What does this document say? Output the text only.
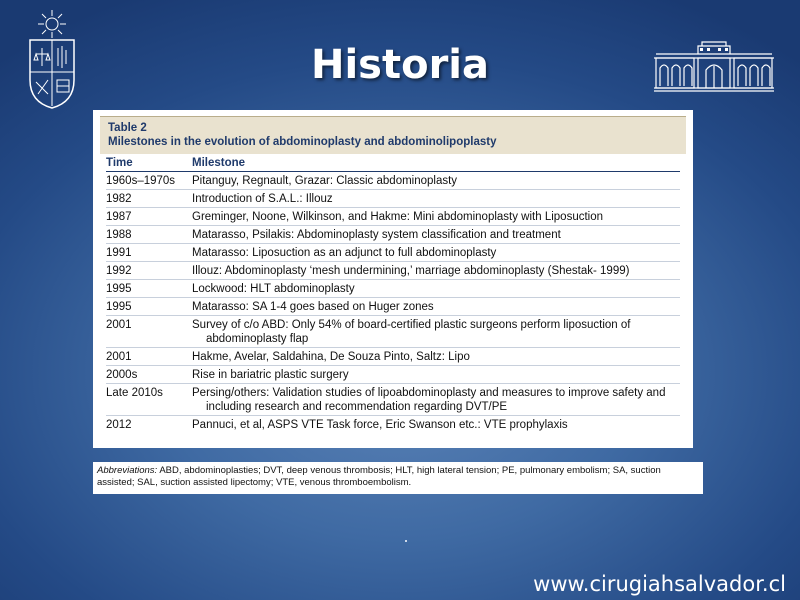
Historia
Table 2
Milestones in the evolution of abdominoplasty and abdominolipoplasty
Time	Milestone
1960s–1970s	Pitanguy, Regnault, Grazar: Classic abdominoplasty
1982	Introduction of S.A.L.: Illouz
1987	Greminger, Noone, Wilkinson, and Hakme: Mini abdominoplasty with Liposuction
1988	Matarasso, Psilakis: Abdominoplasty system classification and treatment
1991	Matarasso: Liposuction as an adjunct to full abdominoplasty
1992	Illouz: Abdominoplasty ‘mesh undermining,’ marriage abdominoplasty (Shestak- 1999)
1995	Lockwood: HLT abdominoplasty
1995	Matarasso: SA 1-4 goes based on Huger zones
2001	Survey of c/o ABD: Only 54% of board-certified plastic surgeons perform liposuction of abdominoplasty flap
2001	Hakme, Avelar, Saldahina, De Souza Pinto, Saltz: Lipo
2000s	Rise in bariatric plastic surgery
Late 2010s	Persing/others: Validation studies of lipoabdominoplasty and measures to improve safety and including research and recommendation regarding DVT/PE
2012	Pannuci, et al, ASPS VTE Task force, Eric Swanson etc.: VTE prophylaxis
Abbreviations: ABD, abdominoplasties; DVT, deep venous thrombosis; HLT, high lateral tension; PE, pulmonary embolism; SA, suction assisted; SAL, suction assisted lipectomy; VTE, venous thromboembolism.
www.cirugiahsalvador.cl
